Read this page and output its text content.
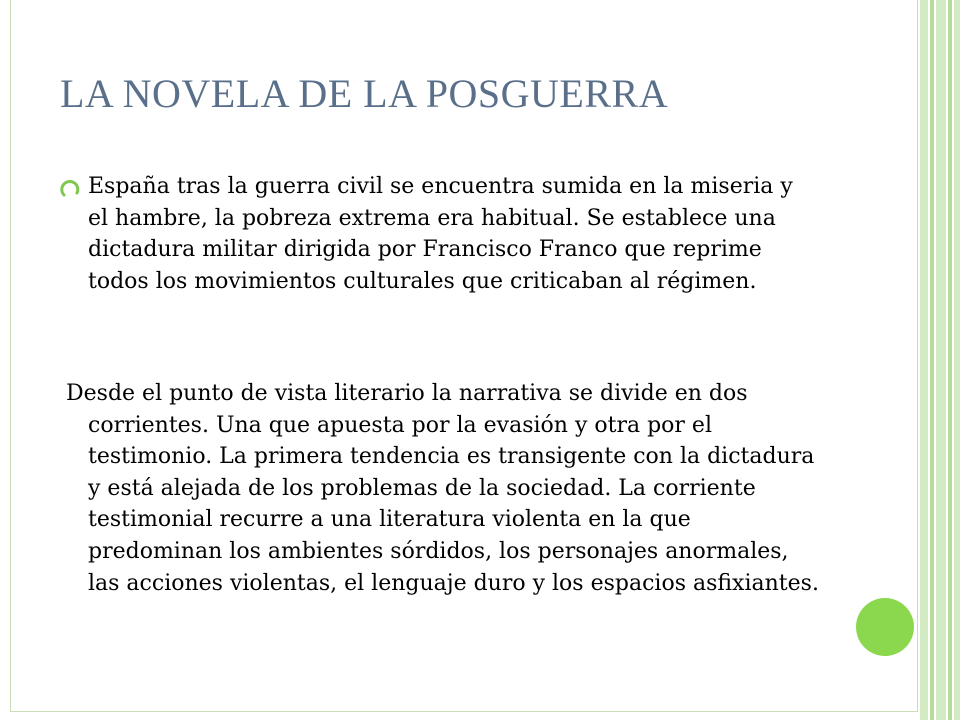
LA NOVELA DE LA POSGUERRA

España tras la guerra civil se encuentra sumida en la miseria y el hambre, la pobreza extrema era habitual. Se establece una dictadura militar dirigida por Francisco Franco que reprime todos los movimientos culturales que criticaban al régimen.

Desde el punto de vista literario la narrativa se divide en dos corrientes. Una que apuesta por la evasión y otra por el testimonio. La primera tendencia es transigente con la dictadura y está alejada de los problemas de la sociedad. La corriente testimonial recurre a una literatura violenta en la que predominan los ambientes sórdidos, los personajes anormales, las acciones violentas, el lenguaje duro y los espacios asfixiantes.
